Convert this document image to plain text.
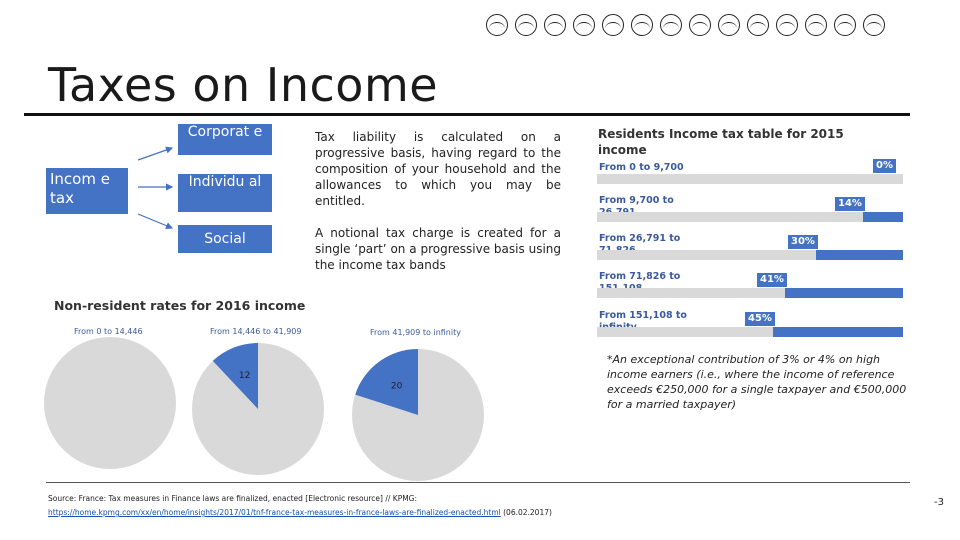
Taxes on Income
Incom e tax
Corporat e
Individu al
Social
Tax liability is calculated on a progressive basis, having regard to the composition of your household and the allowances to which you may be entitled.
A notional tax charge is created for a single ‘part’ on a progressive basis using the income tax bands
Residents Income tax table for 2015
income
From 0 to 9,700	0%
From 9,700 to	14%
From 26,791 to	30%
From 71,826 to	41%
From 151,108 to	45%
*An exceptional contribution of 3% or 4% on high income earners (i.e., where the income of reference exceeds €250,000 for a single taxpayer and €500,000 for a married taxpayer)
Non-resident rates for 2016 income
From 0 to 14,446	From 14,446 to 41,909
12
From 41,909 to infinity
20
Source: France: Tax measures in Finance laws are finalized, enacted [Electronic resource] // KPMG:
https://home.kpmg.com/xx/en/home/insights/2017/01/tnf-france-tax-measures-in-france-laws-are-finalized-enacted.html (06.02.2017)
-3
